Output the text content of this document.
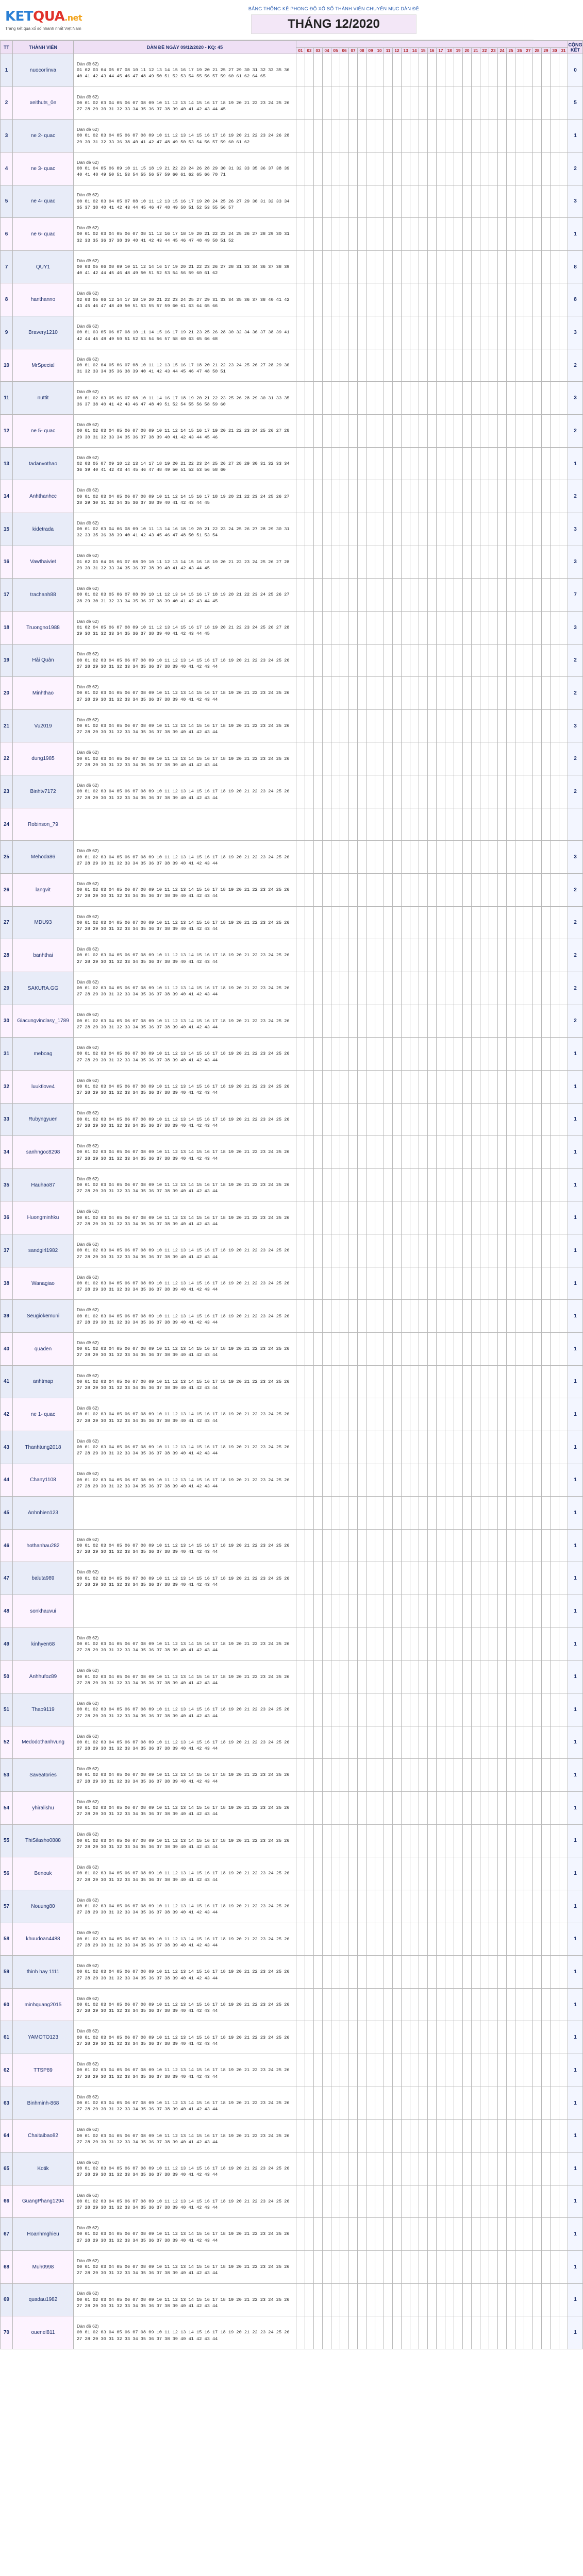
KETQUA.net
Trang kết quả xổ số nhanh nhất Việt Nam
BẢNG THỐNG KÊ PHONG ĐỘ XỔ SỐ THÀNH VIÊN CHUYÊN MỤC DÀN ĐỀ
THÁNG 12/2020
TT	THÀNH VIÊN	DÀN ĐỀ NGÀY 09/12/2020 - KQ: 45																																CỘNG KẾT
			01	02	03	04	05	06	07	08	09	10	11	12	13	14	15	16	17	18	19	20	21	22	23	24	25	26	27	28	29	30	31	
1	nuocorlinva	Dàn đề 62)
01 02 03 04 05 07 08 10 11 12 13 14 15 16 17 19 20 21 25 27 29 30 31 32 33 35 36 40 41 42 43 44 45 46 47 48 49 50 51 52 53 54 55 56 57 59 60 61 62 64 65																																0
2	xeithuts_0e	Dàn đề 62)
00 01 02 03 04 05 06 07 08 09 10 11 12 13 14 15 16 17 18 19 20 21 22 23 24 25 26 27 28 29 30 31 32 33 34 35 36 37 38 39 40 41 42 43 44 45																																5
3	ne 2- quac	Dàn đề 62)
00 01 02 03 04 05 06 07 08 09 10 11 12 13 14 15 16 17 18 19 20 21 22 23 24 26 28 29 30 31 32 33 36 38 40 41 42 47 48 49 50 53 54 56 57 59 60 61 62																																1
4	ne 3- quac	Dàn đề 62)
00 01 04 05 06 09 10 11 15 18 19 21 22 23 24 26 28 29 30 31 32 33 35 36 37 38 39 40 41 48 49 50 51 53 54 55 56 57 59 60 61 62 65 66 70 71																																2
5	ne 4- quac	Dàn đề 62)
00 01 02 03 04 05 07 08 10 11 12 13 15 16 17 19 20 24 25 26 27 29 30 31 32 33 34 35 37 38 40 41 42 43 44 45 46 47 48 49 50 51 52 53 55 56 57																																3
6	ne 6- quac	Dàn đề 62)
00 01 02 03 04 05 06 07 08 11 12 16 17 18 19 20 21 22 23 24 25 26 27 28 29 30 31 32 33 35 36 37 38 39 40 41 42 43 44 45 46 47 48 49 50 51 52																																1
7	QUY1	Dàn đề 62)
00 03 05 06 08 09 10 11 12 14 16 17 19 20 21 22 23 26 27 28 31 33 34 36 37 38 39 40 41 42 44 45 46 48 49 50 51 52 53 54 56 59 60 61 62																																8
8	hanthanno	Dàn đề 62)
02 03 05 06 12 14 17 18 19 20 21 22 23 24 25 27 29 31 33 34 35 36 37 38 40 41 42 43 45 46 47 48 49 50 51 53 55 57 59 60 61 63 64 65 66																																8
9	Bravery1210	Dàn đề 62)
00 01 03 05 06 07 08 10 11 14 15 16 17 19 21 23 25 26 28 30 32 34 36 37 38 39 41 42 44 45 48 49 50 51 52 53 54 56 57 58 60 63 65 66 68																																3
10	MrSpecial	Dàn đề 62)
00 01 02 04 05 06 07 08 10 11 12 13 15 16 17 18 20 21 22 23 24 25 26 27 28 29 30 31 32 33 34 35 36 38 39 40 41 42 43 44 45 46 47 48 50 51																																2
11	nuttit	Dàn đề 62)
00 01 02 03 05 06 07 08 10 11 14 16 17 18 19 20 21 22 23 25 26 28 29 30 31 33 35 36 37 38 40 41 42 43 46 47 48 49 51 52 54 55 56 58 59 60																																3
12	ne 5- quac	Dàn đề 62)
00 01 02 03 04 05 06 07 08 09 10 11 12 14 15 16 17 19 20 21 22 23 24 25 26 27 28 29 30 31 32 33 34 35 36 37 38 39 40 41 42 43 44 45 46																																2
13	tadanvothao	Dàn đề 62)
02 03 05 07 09 10 12 13 14 17 18 19 20 21 22 23 24 25 26 27 28 29 30 31 32 33 34 36 39 40 41 42 43 44 45 46 47 48 49 50 51 52 53 56 58 60																																1
14	Anhthanhcc	Dàn đề 62)
00 01 02 03 04 05 06 07 08 09 10 11 12 14 15 16 17 18 19 20 21 22 23 24 25 26 27 28 29 30 31 32 34 35 36 37 38 39 40 41 42 43 44 45																																2
15	kidetrada	Dàn đề 62)
00 01 02 03 04 06 08 09 10 11 13 14 16 18 19 20 21 22 23 24 25 26 27 28 29 30 31 32 33 35 36 38 39 40 41 42 43 45 46 47 48 50 51 53 54																																3
16	Vawthaiviet	Dàn đề 62)
01 02 03 04 05 06 07 08 09 10 11 12 13 14 15 16 18 19 20 21 22 23 24 25 26 27 28 29 30 31 32 33 34 35 36 37 38 39 40 41 42 43 44 45																																3
17	trachanh88	Dàn đề 62)
00 01 02 03 05 06 07 08 09 10 11 12 13 14 15 16 17 18 19 20 21 22 23 24 25 26 27 28 29 30 31 32 33 34 35 36 37 38 39 40 41 42 43 44 45																																7
18	Truongno1988	Dàn đề 62)
01 02 04 05 06 07 08 09 10 11 12 13 14 15 16 17 18 19 20 21 22 23 24 25 26 27 28 29 30 31 32 33 34 35 36 37 38 39 40 41 42 43 44 45																																3
19	Hải Quân	Dàn đề 62)
00 01 02 03 04 05 06 07 08 09 10 11 12 13 14 15 16 17 18 19 20 21 22 23 24 25 26 27 28 29 30 31 32 33 34 35 36 37 38 39 40 41 42 43 44																																2
20	Minhthao	Dàn đề 62)
00 01 02 03 04 05 06 07 08 09 10 11 12 13 14 15 16 17 18 19 20 21 22 23 24 25 26 27 28 29 30 31 32 33 34 35 36 37 38 39 40 41 42 43 44																																2
21	Vu2019	Dàn đề 62)
00 01 02 03 04 05 06 07 08 09 10 11 12 13 14 15 16 17 18 19 20 21 22 23 24 25 26 27 28 29 30 31 32 33 34 35 36 37 38 39 40 41 42 43 44																																3
22	dung1985	Dàn đề 62)
00 01 02 03 04 05 06 07 08 09 10 11 12 13 14 15 16 17 18 19 20 21 22 23 24 25 26 27 28 29 30 31 32 33 34 35 36 37 38 39 40 41 42 43 44																																2
23	Binhtv7172	Dàn đề 62)
00 01 02 03 04 05 06 07 08 09 10 11 12 13 14 15 16 17 18 19 20 21 22 23 24 25 26 27 28 29 30 31 32 33 34 35 36 37 38 39 40 41 42 43 44																																2
24	Robinson_79																																	
25	Mehoda86	Dàn đề 62)
00 01 02 03 04 05 06 07 08 09 10 11 12 13 14 15 16 17 18 19 20 21 22 23 24 25 26 27 28 29 30 31 32 33 34 35 36 37 38 39 40 41 42 43 44																																3
26	langvit	Dàn đề 62)
00 01 02 03 04 05 06 07 08 09 10 11 12 13 14 15 16 17 18 19 20 21 22 23 24 25 26 27 28 29 30 31 32 33 34 35 36 37 38 39 40 41 42 43 44																																2
27	MDU93	Dàn đề 62)
00 01 02 03 04 05 06 07 08 09 10 11 12 13 14 15 16 17 18 19 20 21 22 23 24 25 26 27 28 29 30 31 32 33 34 35 36 37 38 39 40 41 42 43 44																																2
28	banhthai	Dàn đề 62)
00 01 02 03 04 05 06 07 08 09 10 11 12 13 14 15 16 17 18 19 20 21 22 23 24 25 26 27 28 29 30 31 32 33 34 35 36 37 38 39 40 41 42 43 44																																2
29	SAKURA.GG	Dàn đề 62)
00 01 02 03 04 05 06 07 08 09 10 11 12 13 14 15 16 17 18 19 20 21 22 23 24 25 26 27 28 29 30 31 32 33 34 35 36 37 38 39 40 41 42 43 44																																2
30	Giacungvinclasy_1789	Dàn đề 62)
00 01 02 03 04 05 06 07 08 09 10 11 12 13 14 15 16 17 18 19 20 21 22 23 24 25 26 27 28 29 30 31 32 33 34 35 36 37 38 39 40 41 42 43 44																																2
31	meboag	Dàn đề 62)
00 01 02 03 04 05 06 07 08 09 10 11 12 13 14 15 16 17 18 19 20 21 22 23 24 25 26 27 28 29 30 31 32 33 34 35 36 37 38 39 40 41 42 43 44																																1
32	luuktlove4	Dàn đề 62)
00 01 02 03 04 05 06 07 08 09 10 11 12 13 14 15 16 17 18 19 20 21 22 23 24 25 26 27 28 29 30 31 32 33 34 35 36 37 38 39 40 41 42 43 44																																1
33	Rubyngyuen	Dàn đề 62)
00 01 02 03 04 05 06 07 08 09 10 11 12 13 14 15 16 17 18 19 20 21 22 23 24 25 26 27 28 29 30 31 32 33 34 35 36 37 38 39 40 41 42 43 44																																1
34	sanhngoc8298	Dàn đề 62)
00 01 02 03 04 05 06 07 08 09 10 11 12 13 14 15 16 17 18 19 20 21 22 23 24 25 26 27 28 29 30 31 32 33 34 35 36 37 38 39 40 41 42 43 44																																1
35	Hauhao87	Dàn đề 62)
00 01 02 03 04 05 06 07 08 09 10 11 12 13 14 15 16 17 18 19 20 21 22 23 24 25 26 27 28 29 30 31 32 33 34 35 36 37 38 39 40 41 42 43 44																																1
36	Huongminhku	Dàn đề 62)
00 01 02 03 04 05 06 07 08 09 10 11 12 13 14 15 16 17 18 19 20 21 22 23 24 25 26 27 28 29 30 31 32 33 34 35 36 37 38 39 40 41 42 43 44																																1
37	sandgirl1982	Dàn đề 62)
00 01 02 03 04 05 06 07 08 09 10 11 12 13 14 15 16 17 18 19 20 21 22 23 24 25 26 27 28 29 30 31 32 33 34 35 36 37 38 39 40 41 42 43 44																																1
38	Wanagiao	Dàn đề 62)
00 01 02 03 04 05 06 07 08 09 10 11 12 13 14 15 16 17 18 19 20 21 22 23 24 25 26 27 28 29 30 31 32 33 34 35 36 37 38 39 40 41 42 43 44																																1
39	Seugiokemuni	Dàn đề 62)
00 01 02 03 04 05 06 07 08 09 10 11 12 13 14 15 16 17 18 19 20 21 22 23 24 25 26 27 28 29 30 31 32 33 34 35 36 37 38 39 40 41 42 43 44																																1
40	quaden	Dàn đề 62)
00 01 02 03 04 05 06 07 08 09 10 11 12 13 14 15 16 17 18 19 20 21 22 23 24 25 26 27 28 29 30 31 32 33 34 35 36 37 38 39 40 41 42 43 44																																1
41	anhtmap	Dàn đề 62)
00 01 02 03 04 05 06 07 08 09 10 11 12 13 14 15 16 17 18 19 20 21 22 23 24 25 26 27 28 29 30 31 32 33 34 35 36 37 38 39 40 41 42 43 44																																1
42	ne 1- quac	Dàn đề 62)
00 01 02 03 04 05 06 07 08 09 10 11 12 13 14 15 16 17 18 19 20 21 22 23 24 25 26 27 28 29 30 31 32 33 34 35 36 37 38 39 40 41 42 43 44																																1
43	Thanhtung2018	Dàn đề 62)
00 01 02 03 04 05 06 07 08 09 10 11 12 13 14 15 16 17 18 19 20 21 22 23 24 25 26 27 28 29 30 31 32 33 34 35 36 37 38 39 40 41 42 43 44																																1
44	Chany1108	Dàn đề 62)
00 01 02 03 04 05 06 07 08 09 10 11 12 13 14 15 16 17 18 19 20 21 22 23 24 25 26 27 28 29 30 31 32 33 34 35 36 37 38 39 40 41 42 43 44																																1
45	Anhnhien123																																	1
46	hothanhau282	Dàn đề 62)
00 01 02 03 04 05 06 07 08 09 10 11 12 13 14 15 16 17 18 19 20 21 22 23 24 25 26 27 28 29 30 31 32 33 34 35 36 37 38 39 40 41 42 43 44																																1
47	baluta989	Dàn đề 62)
00 01 02 03 04 05 06 07 08 09 10 11 12 13 14 15 16 17 18 19 20 21 22 23 24 25 26 27 28 29 30 31 32 33 34 35 36 37 38 39 40 41 42 43 44																																1
48	sonkhauvui																																	1
49	kinhyen68	Dàn đề 62)
00 01 02 03 04 05 06 07 08 09 10 11 12 13 14 15 16 17 18 19 20 21 22 23 24 25 26 27 28 29 30 31 32 33 34 35 36 37 38 39 40 41 42 43 44																																1
50	Anhhufoz89	Dàn đề 62)
00 01 02 03 04 05 06 07 08 09 10 11 12 13 14 15 16 17 18 19 20 21 22 23 24 25 26 27 28 29 30 31 32 33 34 35 36 37 38 39 40 41 42 43 44																																1
51	Thao9119	Dàn đề 62)
00 01 02 03 04 05 06 07 08 09 10 11 12 13 14 15 16 17 18 19 20 21 22 23 24 25 26 27 28 29 30 31 32 33 34 35 36 37 38 39 40 41 42 43 44																																1
52	Medodothanhvung	Dàn đề 62)
00 01 02 03 04 05 06 07 08 09 10 11 12 13 14 15 16 17 18 19 20 21 22 23 24 25 26 27 28 29 30 31 32 33 34 35 36 37 38 39 40 41 42 43 44																																1
53	Saveatories	Dàn đề 62)
00 01 02 03 04 05 06 07 08 09 10 11 12 13 14 15 16 17 18 19 20 21 22 23 24 25 26 27 28 29 30 31 32 33 34 35 36 37 38 39 40 41 42 43 44																																1
54	yhiralishu	Dàn đề 62)
00 01 02 03 04 05 06 07 08 09 10 11 12 13 14 15 16 17 18 19 20 21 22 23 24 25 26 27 28 29 30 31 32 33 34 35 36 37 38 39 40 41 42 43 44																																1
55	ThiSilasho0888	Dàn đề 62)
00 01 02 03 04 05 06 07 08 09 10 11 12 13 14 15 16 17 18 19 20 21 22 23 24 25 26 27 28 29 30 31 32 33 34 35 36 37 38 39 40 41 42 43 44																																1
56	Benouk	Dàn đề 62)
00 01 02 03 04 05 06 07 08 09 10 11 12 13 14 15 16 17 18 19 20 21 22 23 24 25 26 27 28 29 30 31 32 33 34 35 36 37 38 39 40 41 42 43 44																																1
57	Nouung80	Dàn đề 62)
00 01 02 03 04 05 06 07 08 09 10 11 12 13 14 15 16 17 18 19 20 21 22 23 24 25 26 27 28 29 30 31 32 33 34 35 36 37 38 39 40 41 42 43 44																																1
58	khuudoan4488	Dàn đề 62)
00 01 02 03 04 05 06 07 08 09 10 11 12 13 14 15 16 17 18 19 20 21 22 23 24 25 26 27 28 29 30 31 32 33 34 35 36 37 38 39 40 41 42 43 44																																1
59	thinh hay 1111	Dàn đề 62)
00 01 02 03 04 05 06 07 08 09 10 11 12 13 14 15 16 17 18 19 20 21 22 23 24 25 26 27 28 29 30 31 32 33 34 35 36 37 38 39 40 41 42 43 44																																1
60	minhquang2015	Dàn đề 62)
00 01 02 03 04 05 06 07 08 09 10 11 12 13 14 15 16 17 18 19 20 21 22 23 24 25 26 27 28 29 30 31 32 33 34 35 36 37 38 39 40 41 42 43 44																																1
61	YAMOTO123	Dàn đề 62)
00 01 02 03 04 05 06 07 08 09 10 11 12 13 14 15 16 17 18 19 20 21 22 23 24 25 26 27 28 29 30 31 32 33 34 35 36 37 38 39 40 41 42 43 44																																1
62	TTSP89	Dàn đề 62)
00 01 02 03 04 05 06 07 08 09 10 11 12 13 14 15 16 17 18 19 20 21 22 23 24 25 26 27 28 29 30 31 32 33 34 35 36 37 38 39 40 41 42 43 44																																1
63	Binhminh-868	Dàn đề 62)
00 01 02 03 04 05 06 07 08 09 10 11 12 13 14 15 16 17 18 19 20 21 22 23 24 25 26 27 28 29 30 31 32 33 34 35 36 37 38 39 40 41 42 43 44																																1
64	Chaitaibao82	Dàn đề 62)
00 01 02 03 04 05 06 07 08 09 10 11 12 13 14 15 16 17 18 19 20 21 22 23 24 25 26 27 28 29 30 31 32 33 34 35 36 37 38 39 40 41 42 43 44																																1
65	Kotik	Dàn đề 62)
00 01 02 03 04 05 06 07 08 09 10 11 12 13 14 15 16 17 18 19 20 21 22 23 24 25 26 27 28 29 30 31 32 33 34 35 36 37 38 39 40 41 42 43 44																																1
66	GuangPhang1294	Dàn đề 62)
00 01 02 03 04 05 06 07 08 09 10 11 12 13 14 15 16 17 18 19 20 21 22 23 24 25 26 27 28 29 30 31 32 33 34 35 36 37 38 39 40 41 42 43 44																																1
67	Hoanhmghieu	Dàn đề 62)
00 01 02 03 04 05 06 07 08 09 10 11 12 13 14 15 16 17 18 19 20 21 22 23 24 25 26 27 28 29 30 31 32 33 34 35 36 37 38 39 40 41 42 43 44																																1
68	Muh0998	Dàn đề 62)
00 01 02 03 04 05 06 07 08 09 10 11 12 13 14 15 16 17 18 19 20 21 22 23 24 25 26 27 28 29 30 31 32 33 34 35 36 37 38 39 40 41 42 43 44																																1
69	quadau1982	Dàn đề 62)
00 01 02 03 04 05 06 07 08 09 10 11 12 13 14 15 16 17 18 19 20 21 22 23 24 25 26 27 28 29 30 31 32 33 34 35 36 37 38 39 40 41 42 43 44																																1
70	ouenel811	Dàn đề 62)
00 01 02 03 04 05 06 07 08 09 10 11 12 13 14 15 16 17 18 19 20 21 22 23 24 25 26 27 28 29 30 31 32 33 34 35 36 37 38 39 40 41 42 43 44																																1
